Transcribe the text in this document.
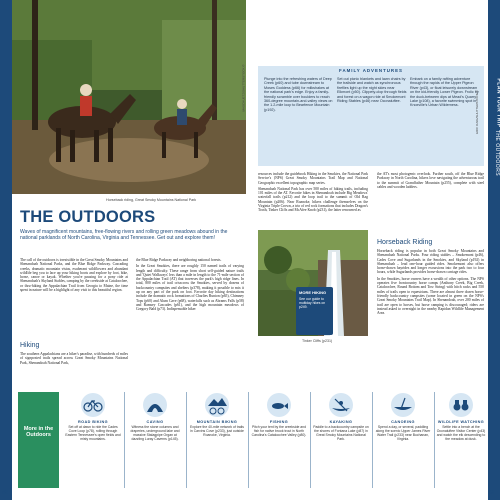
PLAN YOUR TRIP
THE OUTDOORS
Horseback riding, Great Smoky Mountains National Park
MASCHUETZ/SHUTTERSTOCK ©	FAMILY ADVENTURES
Plunge into the refreshing waters of Deep Creek (p60) and tube downstream to Moses Goddess (p66) for milkshakes at the national park's edge. Enjoy a family-friendly scramble over boulders to reach 360-degree mountain-and-valley views on the 1.2-mile loop to Bearfence Mountain (p192).
Set out picnic blankets and lawn chairs by the trailside and watch as synchronous fireflies light up the night skies near Elkmont (p50). Clippety-clop through fields and forest on a wagon ride at Smokemont Riding Stables (p46) near Oconaluftee.
Embark on a family rafting adventure through the rapids of the Upper Pigeon River (p43), or float leisurely downstream on the kid-friendly Lower Pigeon. Frolic by the duck-between dips at Mead's Quarry Lake (p108), a favorite swimming spot in Knoxville's Urban Wilderness.
THE OUTDOORS
Waves of magnificent mountains, free-flowing rivers and rolling green meadows abound in the national parklands of North Carolina, Virginia and Tennessee. Get out and explore them!

The call of the outdoors is irresistible in the Great Smoky Mountains and Shenandoah National Parks, and the Blue Ridge Parkway. Cascading creeks, dramatic mountain vistas, exuberant wildflowers and abundant wildlife beg you to lace up your hiking boots and explore by foot, bike, horse, canoe or kayak. Whether you're pausing for a pony ride at Shenandoah's Skyland Stables, camping by the creekside at Cataloochee, or thru-hiking the Appalachian Trail from Georgia to Maine, the time spent in nature will be a highlight of any visit to this beautiful region.

Hiking

The southern Appalachians are a hiker's paradise, with hundreds of miles of signposted trails spread across Great Smoky Mountains National Park, Shenandoah National Park,

the Blue Ridge Parkway and neighboring national forests.

In the Great Smokies, there are roughly 150 named trails of varying length and difficulty. These range from short self-guided nature trails and 'Quiet Walkways' less than a mile in length to the 71-mile section of the Appalachian Trail (AT) that traverses the park's high ridge lines. In total, 800 miles of trail crisscross the Smokies, served by dozens of backcountry campsites and shelters (p378), making it possible to mix it up on any part of the park on foot. Favorite day hiking destinations include the dramatic rock formations of Charlies Bunion (p65), Chimney Tops (p60) and Alum Cave (p68), waterfalls such as Abrams Falls (p58) and Ramsey Cascades (p61), and the high mountain meadows of Gregory Bald (p73). Indispensable hiker

resources include the guidebook Hiking in the Smokies, the National Park Service's (NPS) Great Smoky Mountains Trail Map and National Geographic excellent topographic map series.

Shenandoah National Park has over 500 miles of hiking trails, including 101 miles of the AT. Favorite hikes in Shenandoah include Big Meadows' waterfall trails (p212) and the loop trail to the summit of Old Rag Mountain (p206). Near Roanoke, hikers challenge themselves on the Virginia Triple Crown, a trio of red rock formations that includes Dragon's Tooth, Tinker Cliffs and McAfee Knob (p231), the latter renowned as

Tinker Cliffs (p231)
ERIC DAIG/SHUTTERSTOCK ©
MORE HIKING
See our guide to multiday hikes on p249.

the AT's most photogenic overlook. Further south, off the Blue Ridge Parkway in North Carolina, hikers love navigating the adventurous trail to the summit of Grandfather Mountain (p255), complete with steel cables and wooden ladders.

Horseback Riding

Horseback riding is popular in both Great Smoky Mountains and Shenandoah National Parks. Four riding stables – Smokemont (p46), Cades Cove and Sugarlands in the Smokies, and Skyland (p192) in Shenandoah – lead one-hour guided rides. Smokemont also offers horse-drawn hayrides and longer excursions into the park two to four hours, while Sugarlands provides horse-drawn carriage rides.

In the Smokies, horse owners have a wealth of other options. The NPS operates five frontcountry horse camps (Anthony Creek, Big Creek, Cataloochee, Round Bottom and Tow String) with hitch racks and 550 miles of trails open to equestrians. There are almost three dozen horse-friendly backcountry campsites (some located in green on the NPS's Great Smoky Mountains Trail Map). In Shenandoah, over 200 miles of trail are open to horses, but horse camping is discouraged; riders are instead asked to overnight in the nearby Rapidan Wildlife Management Area.

More in the Outdoors
ROAD BIKING
Set off at dawn to ride the Cades Cove Loop (p78), rolling through Eastern Tennessee's open fields and misty mountains.
CAVING
Witness the stone columns and draperies, underground lake and massive Stalagpipe Organ at dazzling Luray Caverns (p145).
MOUNTAIN BIKING
Explore the 40-mile network of trails in Carvins Cove (p233), just outside Roanoke, Virginia.
FISHING
Pitch your tent by the creekside and fish for native brook trout in North Carolina's Cataloochee Valley (p80).
KAYAKING
Paddle to a backcountry campsite on the shores of Fontana Lake (p87) in Great Smoky Mountains National Park.
CANOEING
Spend a day, or several, paddling along the scenic Upper James River Water Trail (p233) near Buchanan, Virginia.
WILDLIFE WATCHING
Settle into a bench at the Oconaluftee Visitor Center (p43) and watch the elk descending to the meadow at dusk.
42	43
